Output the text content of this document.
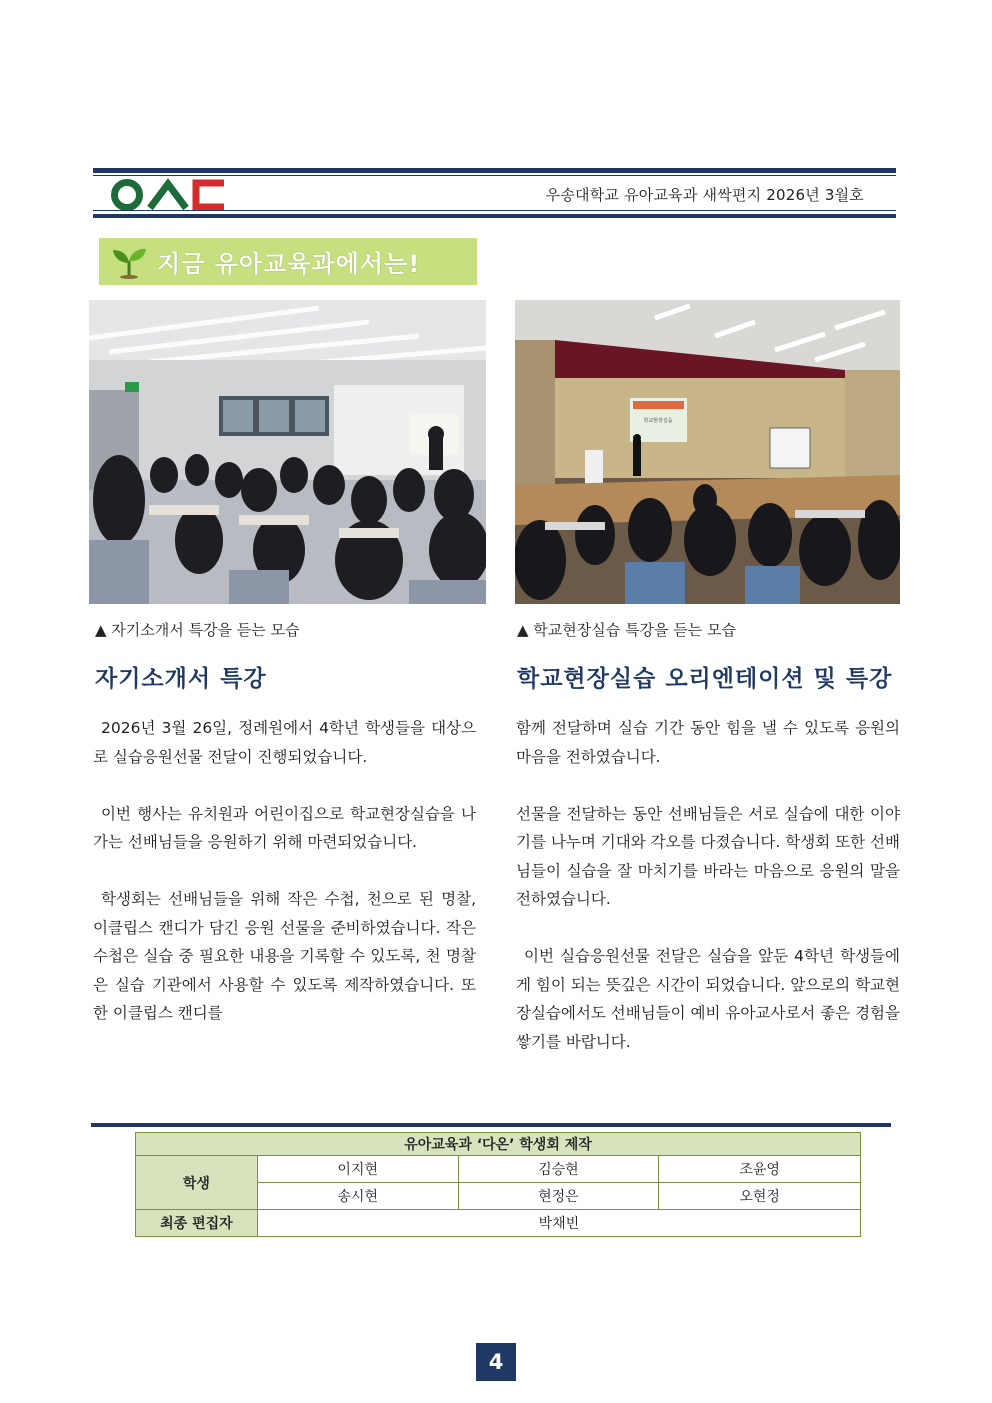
우송대학교 유아교육과 새싹편지 2026년 3월호
지금 유아교육과에서는!
학교현장실습
▲ 자기소개서 특강을 듣는 모습	▲ 학교현장실습 특강을 듣는 모습
자기소개서 특강	학교현장실습 오리엔테이션 및 특강

2026년 3월 26일, 정례원에서 4학년 학생들을 대상으로 실습응원선물 전달이 진행되었습니다.

이번 행사는 유치원과 어린이집으로 학교현장실습을 나가는 선배님들을 응원하기 위해 마련되었습니다.

학생회는 선배님들을 위해 작은 수첩, 천으로 된 명찰, 이클립스 캔디가 담긴 응원 선물을 준비하였습니다. 작은 수첩은 실습 중 필요한 내용을 기록할 수 있도록, 천 명찰은 실습 기관에서 사용할 수 있도록 제작하였습니다. 또한 이클립스 캔디를

함께 전달하며 실습 기간 동안 힘을 낼 수 있도록 응원의 마음을 전하였습니다.

선물을 전달하는 동안 선배님들은 서로 실습에 대한 이야기를 나누며 기대와 각오를 다졌습니다. 학생회 또한 선배님들이 실습을 잘 마치기를 바라는 마음으로 응원의 말을 전하였습니다.

이번 실습응원선물 전달은 실습을 앞둔 4학년 학생들에게 힘이 되는 뜻깊은 시간이 되었습니다. 앞으로의 학교현장실습에서도 선배님들이 예비 유아교사로서 좋은 경험을 쌓기를 바랍니다.

유아교육과 ‘다온’ 학생회 제작			
학생	이지현	김승현	조윤영
	송시현	현정은	오현정
최종 편집자	박채빈		
4
